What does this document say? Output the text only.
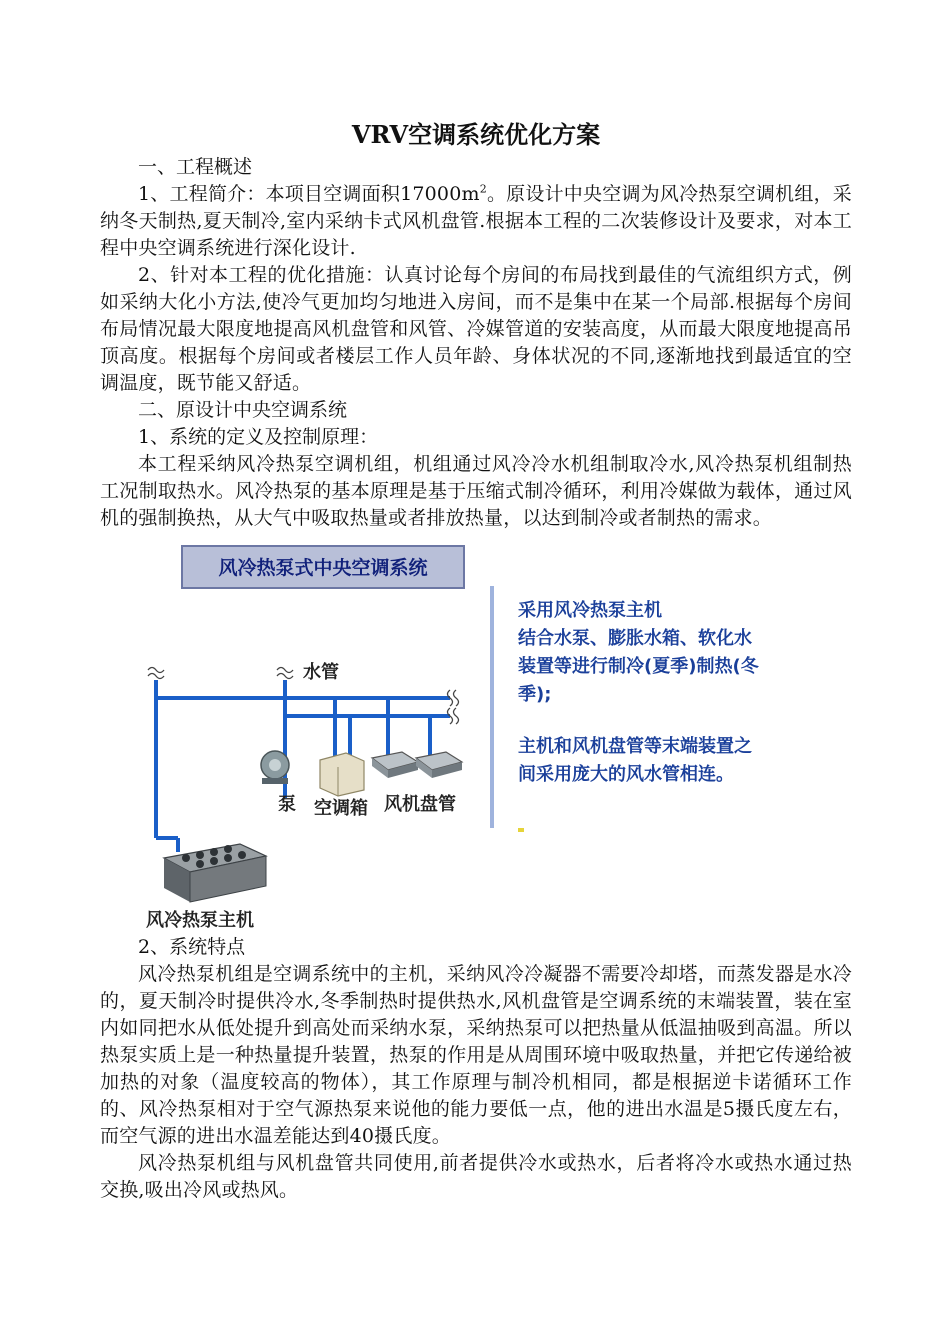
VRV空调系统优化方案
一、工程概述

1、工程简介：本项目空调面积$17000m^2$。原设计中央空调为风冷热泵空调机组，采纳冬天制热,夏天制冷,室内采纳卡式风机盘管.根据本工程的二次装修设计及要求，对本工程中央空调系统进行深化设计.

2、针对本工程的优化措施：认真讨论每个房间的布局找到最佳的气流组织方式，例如采纳大化小方法,使冷气更加均匀地进入房间，而不是集中在某一个局部.根据每个房间布局情况最大限度地提高风机盘管和风管、冷媒管道的安装高度，从而最大限度地提高吊顶高度。根据每个房间或者楼层工作人员年龄、身体状况的不同,逐渐地找到最适宜的空调温度，既节能又舒适。

二、原设计中央空调系统
1、系统的定义及控制原理：

本工程采纳风冷热泵空调机组，机组通过风冷冷水机组制取冷水,风冷热泵机组制热工况制取热水。风冷热泵的基本原理是基于压缩式制冷循环，利用冷媒做为载体，通过风机的强制换热，从大气中吸取热量或者排放热量，以达到制冷或者制热的需求。

风冷热泵式中央空调系统
水管
泵 空调箱 风机盘管
风冷热泵主机
采用风冷热泵主机
结合水泵、膨胀水箱、软化水
装置等进行制冷(夏季)制热(冬
季);
主机和风机盘管等末端装置之
间采用庞大的风水管相连。
2、系统特点

风冷热泵机组是空调系统中的主机，采纳风冷冷凝器不需要冷却塔，而蒸发器是水冷的，夏天制冷时提供冷水,冬季制热时提供热水,风机盘管是空调系统的末端装置，装在室内如同把水从低处提升到高处而采纳水泵，采纳热泵可以把热量从低温抽吸到高温。所以热泵实质上是一种热量提升装置，热泵的作用是从周围环境中吸取热量，并把它传递给被加热的对象（温度较高的物体），其工作原理与制冷机相同，都是根据逆卡诺循环工作的、风冷热泵相对于空气源热泵来说他的能力要低一点，他的进出水温是5摄氏度左右，而空气源的进出水温差能达到40摄氏度。

风冷热泵机组与风机盘管共同使用,前者提供冷水或热水，后者将冷水或热水通过热交换,吸出冷风或热风。
